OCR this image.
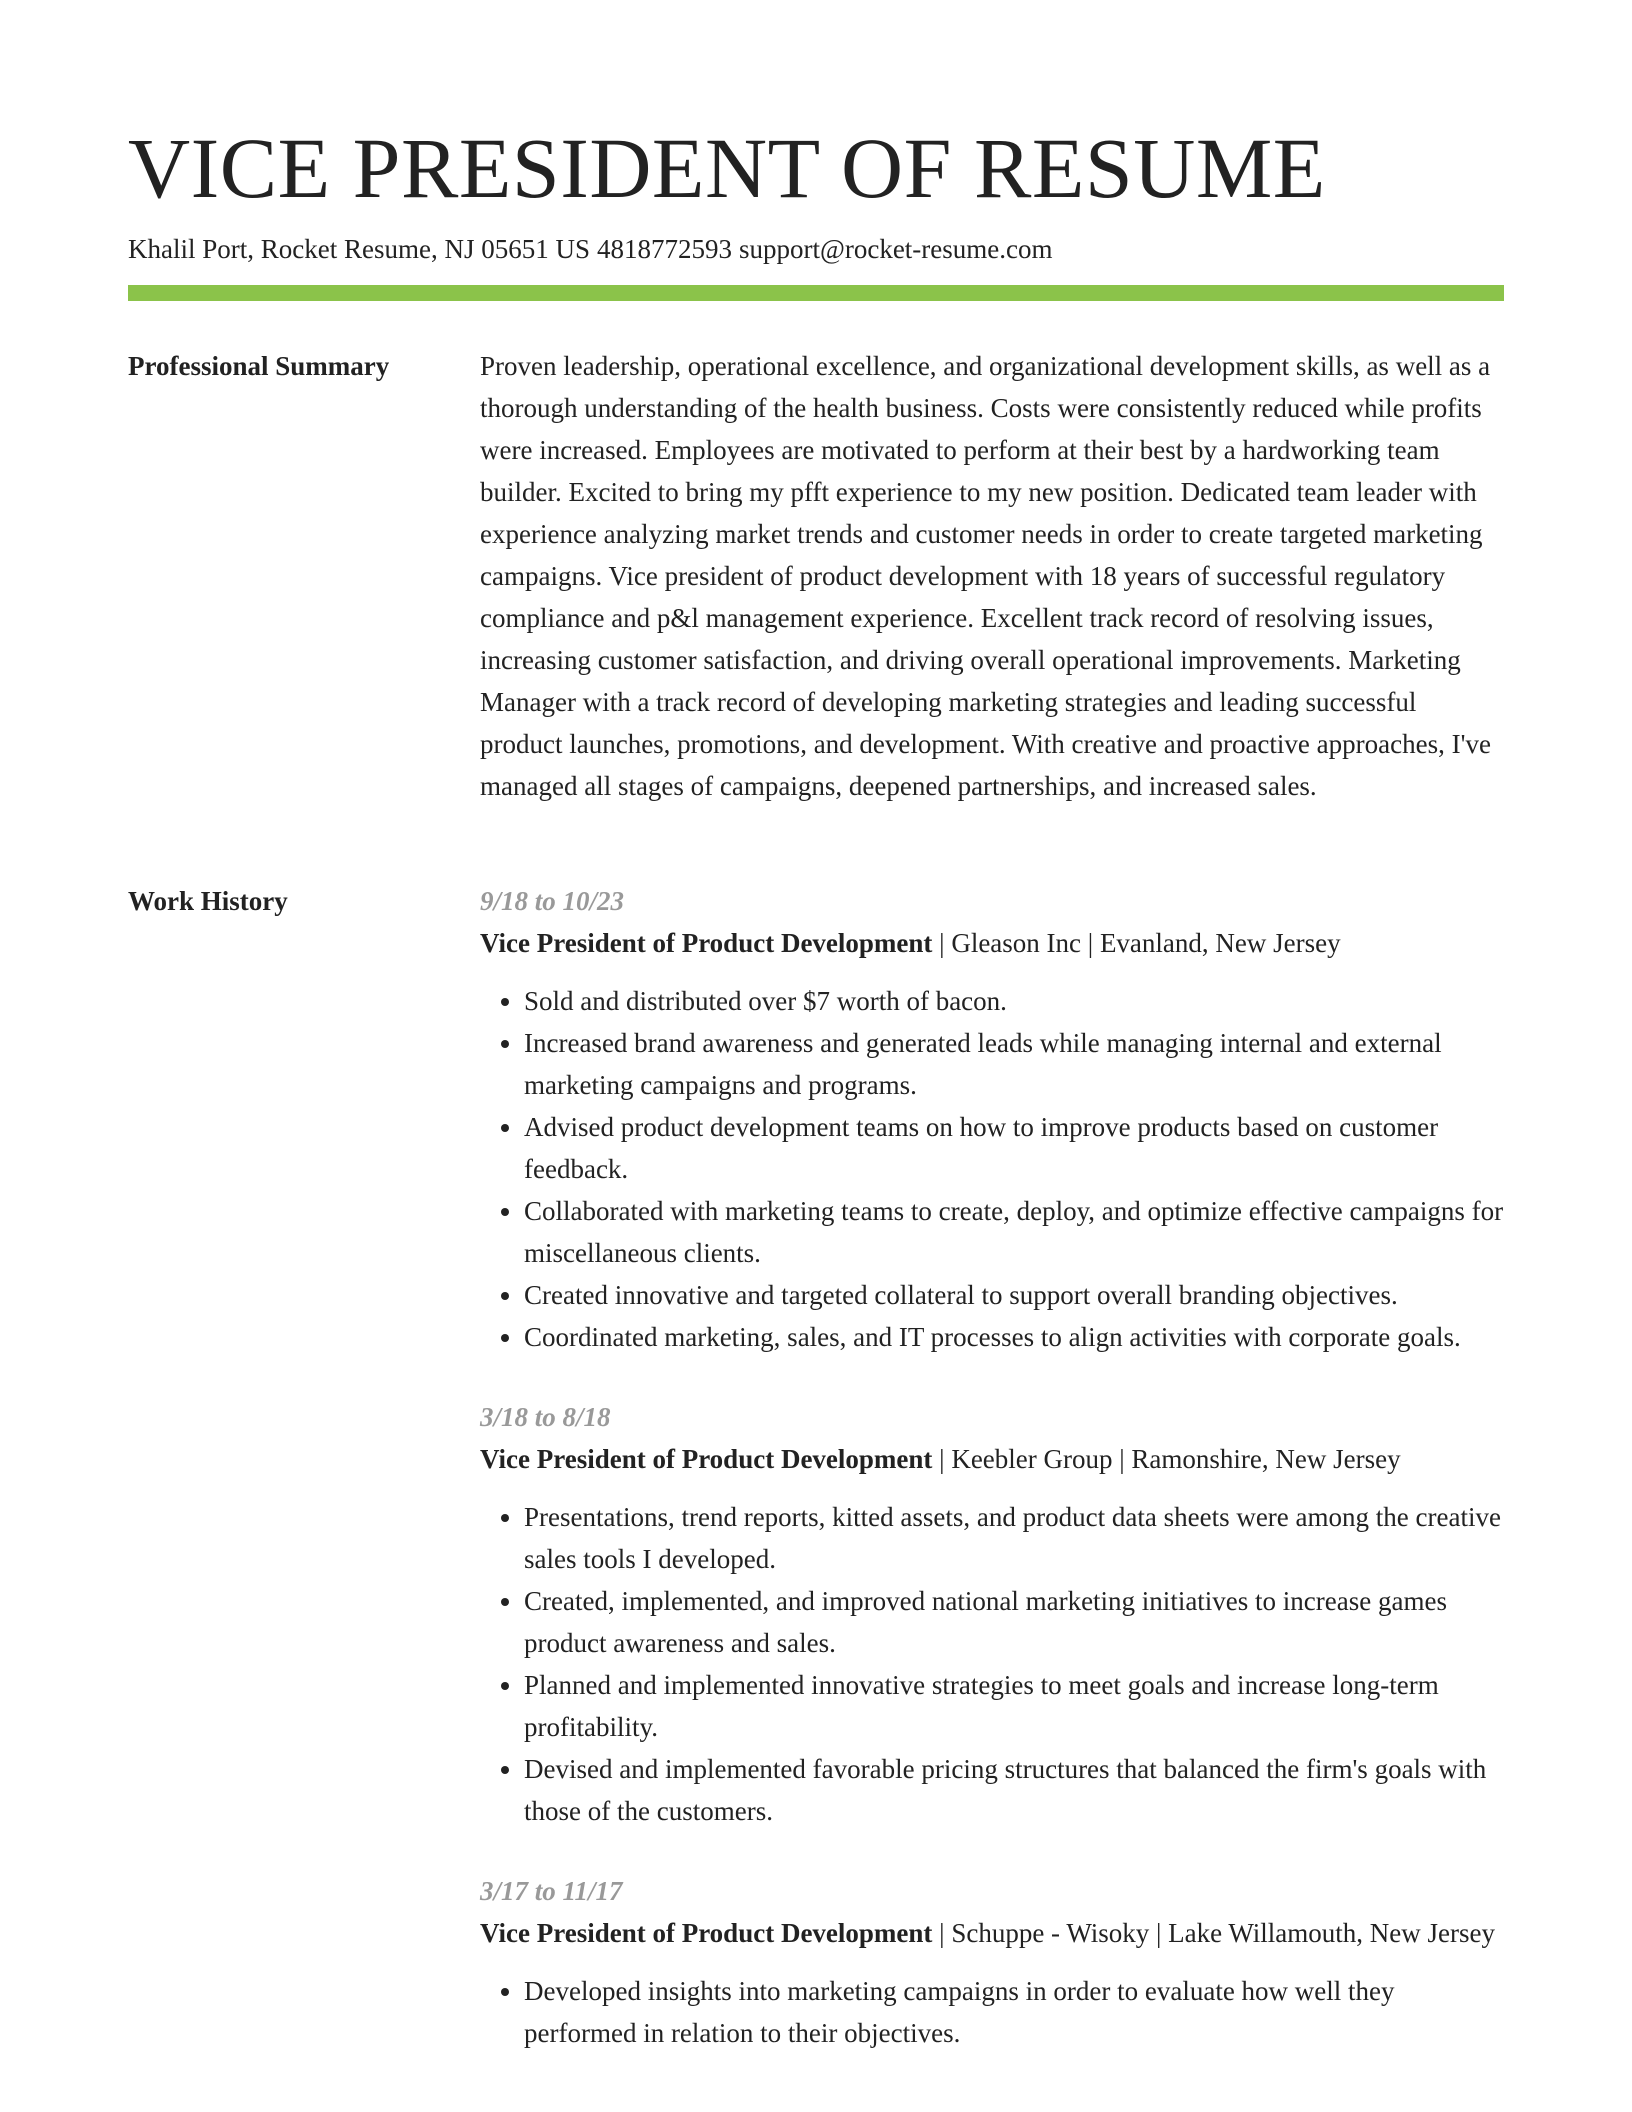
VICE PRESIDENT OF RESUME
Khalil Port, Rocket Resume, NJ 05651 US 4818772593 support@rocket-resume.com
Professional Summary	Proven leadership, operational excellence, and organizational development skills, as well as a thorough understanding of the health business. Costs were consistently reduced while profits were increased. Employees are motivated to perform at their best by a hardworking team builder. Excited to bring my pfft experience to my new position. Dedicated team leader with experience analyzing market trends and customer needs in order to create targeted marketing campaigns. Vice president of product development with 18 years of successful regulatory compliance and p&l management experience. Excellent track record of resolving issues, increasing customer satisfaction, and driving overall operational improvements. Marketing Manager with a track record of developing marketing strategies and leading successful product launches, promotions, and development. With creative and proactive approaches, I've managed all stages of campaigns, deepened partnerships, and increased sales.

Work History	9/18 to 10/23
Vice President of Product Development | Gleason Inc | Evanland, New Jersey
• Sold and distributed over $7 worth of bacon.
• Increased brand awareness and generated leads while managing internal and external marketing campaigns and programs.
• Advised product development teams on how to improve products based on customer feedback.
• Collaborated with marketing teams to create, deploy, and optimize effective campaigns for miscellaneous clients.
• Created innovative and targeted collateral to support overall branding objectives.
• Coordinated marketing, sales, and IT processes to align activities with corporate goals.
3/18 to 8/18
Vice President of Product Development | Keebler Group | Ramonshire, New Jersey
• Presentations, trend reports, kitted assets, and product data sheets were among the creative sales tools I developed.
• Created, implemented, and improved national marketing initiatives to increase games product awareness and sales.
• Planned and implemented innovative strategies to meet goals and increase long-term profitability.
• Devised and implemented favorable pricing structures that balanced the firm's goals with those of the customers.
3/17 to 11/17
Vice President of Product Development | Schuppe - Wisoky | Lake Willamouth, New Jersey
• Developed insights into marketing campaigns in order to evaluate how well they performed in relation to their objectives.
